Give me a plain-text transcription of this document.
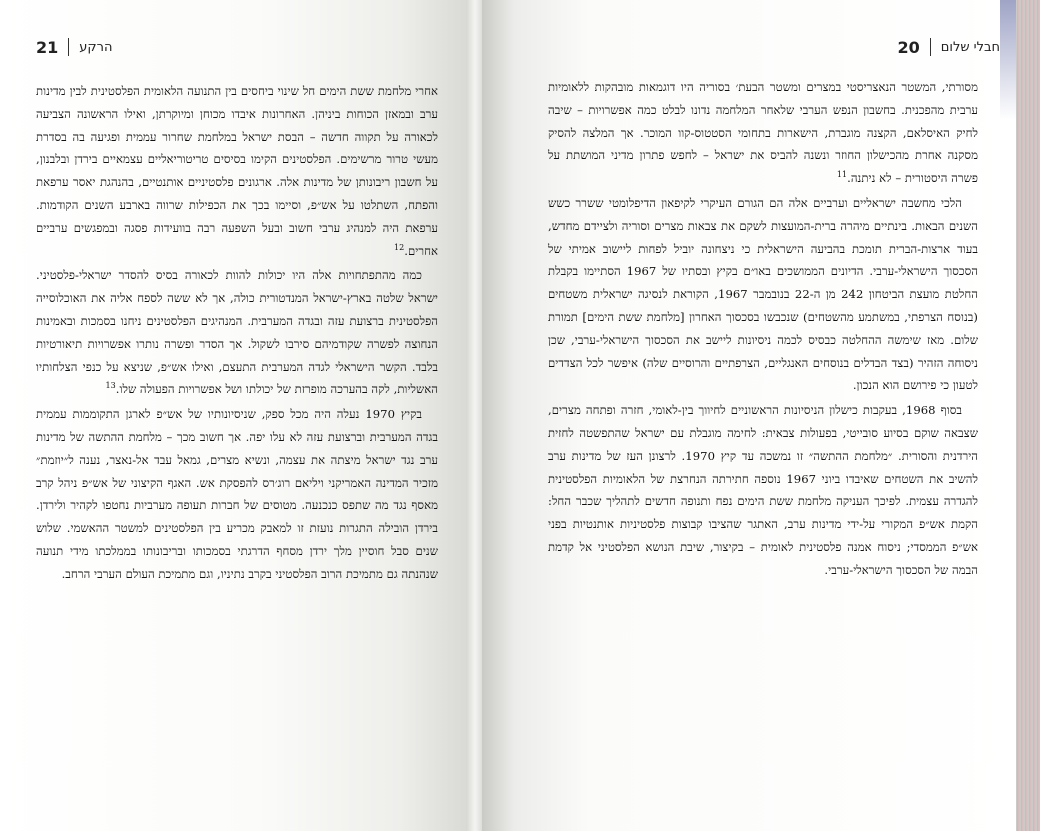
21 הרקע

אחרי מלחמת ששת הימים חל שינוי ביחסים בין התנועה הלאומית הפלסטינית לבין מדינות ערב ובמאזן הכוחות ביניהן. האחרונות איבדו מכוחן ומיוקרתן, ואילו הראשונה הצביעה לכאורה על תקווה חדשה – הבסת ישראל במלחמת שחרור עממית ופגיעה בה בסדרת מעשי טרור מרשימים. הפלסטינים הקימו בסיסים טריטוריאליים עצמאיים בירדן ובלבנון, על חשבון ריבונותן של מדינות אלה. ארגונים פלסטיניים אותנטיים, בהנהגת יאסר ערפאת והפתח, השתלטו על אש״פ, וסיימו בכך את הכפילות שרווה בארבע השנים הקודמות. ערפאת היה למנהיג ערבי חשוב ובעל השפעה רבה בוועידות פסגה ובמפגשים ערביים אחרים.$^{12}$

כמה מהתפתחויות אלה היו יכולות להוות לכאורה בסיס להסדר ישראלי-פלסטיני. ישראל שלטה בארץ-ישראל המנדטורית כולה, אך לא ששה לספח אליה את האוכלוסייה הפלסטינית ברצועת עזה ובגדה המערבית. המנהיגים הפלסטינים ניחנו בסמכות ובאמינות הנחוצה לפשרה שקודמיהם סירבו לשקול. אך הסדר ופשרה נותרו אפשרויות תיאורטיות בלבד. הקשר הישראלי לגדה המערבית התעצם, ואילו אש״פ, שניצא על כנפי הצלחותיו האשליות, לקה בהערכה מופרזת של יכולתו ושל אפשרויות הפעולה שלו.$^{13}$

בקיץ 1970 נעלה היה מכל ספק, שניסיונותיו של אש״פ לארגן התקוממות עממית בגדה המערבית וברצועת עזה לא עלו יפה. אך חשוב מכך – מלחמת ההתשה של מדינות ערב נגד ישראל מיצתה את עצמה, ונשיא מצרים, גמאל עבד אל-נאצר, נענה ל״יוזמת״ מזכיר המדינה האמריקני ויליאם רוג׳רס להפסקת אש. האגף הקיצוני של אש״פ ניהל קרב מאסף נגד מה שתפס כנכנעה. מטוסים של חברות תעופה מערביות נחטפו לקהיר ולירדן. בירדן הובילה התגרות נועזת זו למאבק מכריע בין הפלסטינים למשטר ההאשמי. שלוש שנים סבל חוסיין מלך ירדן מסחף הדרגתי בסמכותו ובריבונותו בממלכתו מידי תנועה שנהנתה גם מתמיכת הרוב הפלסטיני בקרב נתיניו, וגם מתמיכת העולם הערבי הרחב.

20 חבלי שלום

מסורתי, המשטר הנאצריסטי במצרים ומשטר הבעת׳ בסוריה היו דוגמאות מובהקות ללאומיות ערבית מהפכנית. בחשבון הנפש הערבי שלאחר המלחמה נדונו לבלט כמה אפשרויות – שיבה לחיק האיסלאם, הקצנה מוגברת, הישארות בתחומי הסטטוס-קוו המוכר. אך המלצה להסיק מסקנה אחרת מהכישלון החוזר ונשנה להביס את ישראל – לחפש פתרון מדיני המושתת על פשרה היסטורית – לא ניתנה.$^{11}$

הלכי מחשבה ישראליים וערביים אלה הם הגורם העיקרי לקיפאון הדיפלומטי ששרר כשש השנים הבאות. בינתיים מיהרה ברית-המועצות לשקם את צבאות מצרים וסוריה ולציידם מחדש, בעוד ארצות-הברית תומכת בהביעה הישראלית כי ניצחונה יוביל לפחות ליישוב אמיתי של הסכסוך הישראלי-ערבי. הדיונים הממושכים באו״ם בקיץ ובסתיו של 1967 הסתיימו בקבלת החלטת מועצת הביטחון 242 מן ה-22 בנובמבר 1967, הקוראת לנסיגה ישראלית משטחים (בנוסח הצרפתי, במשתמע מהשטחים) שנכבשו בסכסוך האחרון [מלחמת ששת הימים] תמורת שלום. מאז שימשה ההחלטה כבסיס לכמה ניסיונות ליישב את הסכסוך הישראלי-ערבי, שכן ניסוחה הזהיר (בצד הבדלים בנוסחים האנגליים, הצרפתיים והרוסיים שלה) איפשר לכל הצדדים לטעון כי פירושם הוא הנכון.

בסוף 1968, בעקבות כישלון הניסיונות הראשוניים לחיווך בין-לאומי, חזרה ופתחה מצרים, שצבאה שוקם בסיוע סובייטי, בפעולות צבאית: לחימה מוגבלת עם ישראל שהתפשטה לחזית הירדנית והסורית. ״מלחמת ההתשה״ זו נמשכה עד קיץ 1970. לרצונן העז של מדינות ערב להשיב את השטחים שאיבדו ביוני 1967 נוספה חתירתה הנחרצת של הלאומיות הפלסטינית להגדרה עצמית. לפיכך העניקה מלחמת ששת הימים נפח ותנופה חדשים לתהליך שכבר החל: הקמת אש״פ המקורי על-ידי מדינות ערב, האתגר שהציבו קבוצות פלסטיניות אותנטיות בפני אש״פ הממסדי; ניסוח אמנה פלסטינית לאומית – בקיצור, שיבת הנושא הפלסטיני אל קדמת הבמה של הסכסוך הישראלי-ערבי.
